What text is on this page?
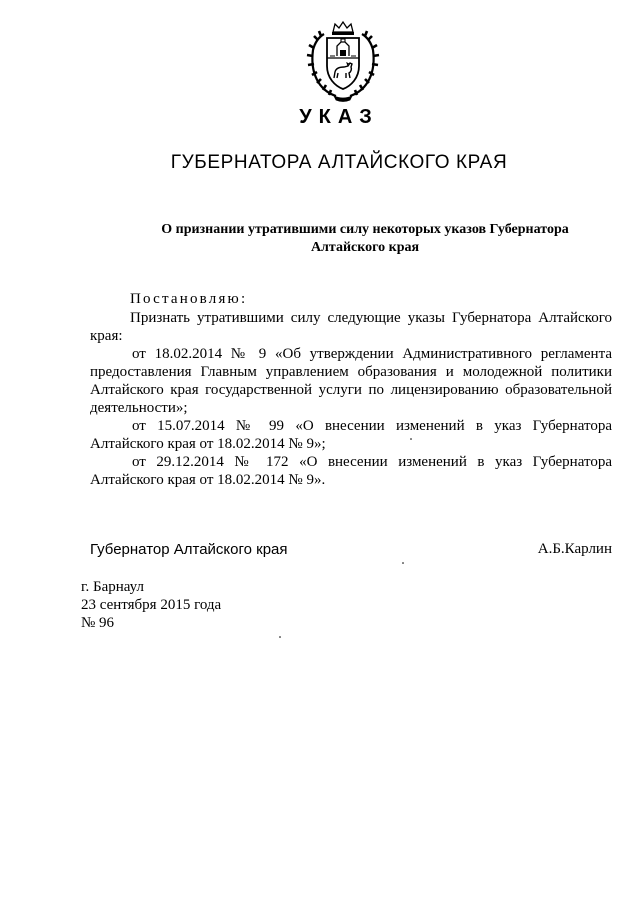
УКАЗ
ГУБЕРНАТОРА АЛТАЙСКОГО КРАЯ
О признании утратившими силу некоторых указов Губернатора
Алтайского края
Постановляю:

Признать утратившими силу следующие указы Губернатора Алтайского края:

от 18.02.2014 № 9 «Об утверждении Административного регламента предоставления Главным управлением образования и молодежной политики Алтайского края государственной услуги по лицензированию образовательной деятельности»;

от 15.07.2014 № 99 «О внесении изменений в указ Губернатора Алтайского края от 18.02.2014 № 9»;

от 29.12.2014 № 172 «О внесении изменений в указ Губернатора Алтайского края от 18.02.2014 № 9».

Губернатор Алтайского края	А.Б.Карлин
г. Барнаул
23 сентября 2015 года
№ 96
